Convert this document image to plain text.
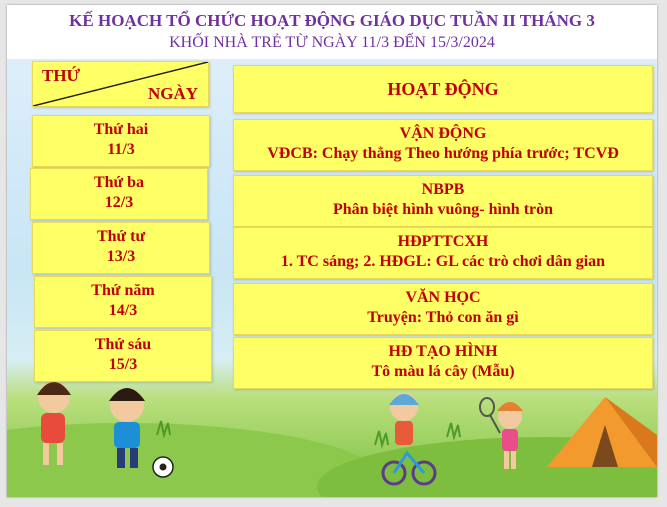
KẾ HOẠCH TỔ CHỨC HOẠT ĐỘNG GIÁO DỤC TUẦN II THÁNG 3
KHỐI NHÀ TRẺ TỪ NGÀY 11/3 ĐẾN 15/3/2024
THỨ
NGÀY	HOẠT ĐỘNG
Thứ hai
11/3
Thứ ba
12/3
Thứ tư
13/3
Thứ năm
14/3
Thứ sáu
15/3
VẬN ĐỘNG
VĐCB: Chạy thẳng Theo hướng phía trước; TCVĐ
NBPB
Phân biệt hình vuông- hình tròn
HĐPTTCXH
1. TC sáng; 2. HĐGL: GL các trò chơi dân gian
VĂN HỌC
Truyện: Thỏ con ăn gì
HĐ TẠO HÌNH
Tô màu lá cây (Mẫu)
